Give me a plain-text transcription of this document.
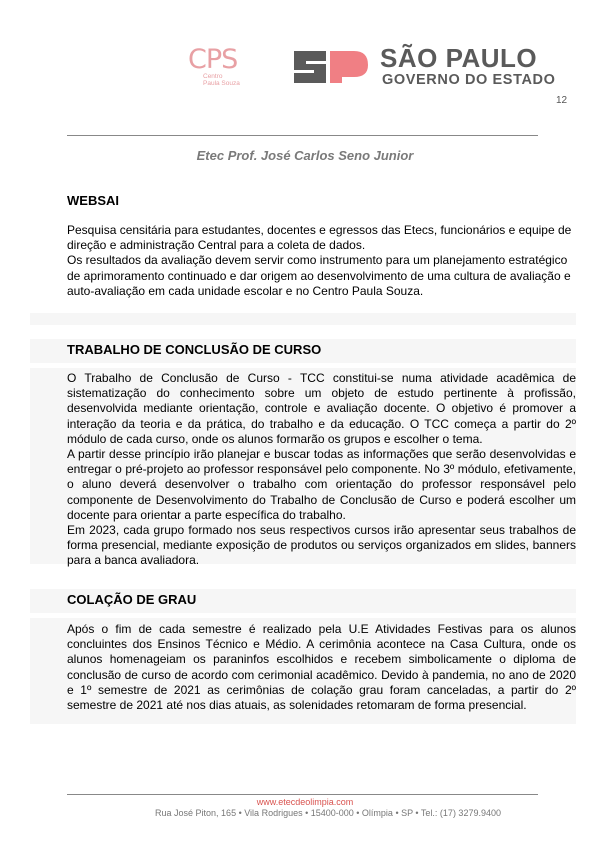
CPS
Centro
Paula Souza
SÃO PAULO
GOVERNO DO ESTADO
12
Etec Prof. José Carlos Seno Junior
WEBSAI

Pesquisa censitária para estudantes, docentes e egressos das Etecs, funcionários e equipe de direção e administração Central para a coleta de dados.

Os resultados da avaliação devem servir como instrumento para um planejamento estratégico de aprimoramento continuado e dar origem ao desenvolvimento de uma cultura de avaliação e auto-avaliação em cada unidade escolar e no Centro Paula Souza.

TRABALHO DE CONCLUSÃO DE CURSO

O Trabalho de Conclusão de Curso - TCC constitui-se numa atividade acadêmica de sistematização do conhecimento sobre um objeto de estudo pertinente à profissão, desenvolvida mediante orientação, controle e avaliação docente. O objetivo é promover a interação da teoria e da prática, do trabalho e da educação. O TCC começa a partir do 2º módulo de cada curso, onde os alunos formarão os grupos e escolher o tema.

A partir desse princípio irão planejar e buscar todas as informações que serão desenvolvidas e entregar o pré-projeto ao professor responsável pelo componente. No 3º módulo, efetivamente, o aluno deverá desenvolver o trabalho com orientação do professor responsável pelo componente de Desenvolvimento do Trabalho de Conclusão de Curso e poderá escolher um docente para orientar a parte específica do trabalho.

Em 2023, cada grupo formado nos seus respectivos cursos irão apresentar seus trabalhos de forma presencial, mediante exposição de produtos ou serviços organizados em slides, banners para a banca avaliadora.

COLAÇÃO DE GRAU

Após o fim de cada semestre é realizado pela U.E Atividades Festivas para os alunos concluintes dos Ensinos Técnico e Médio. A cerimônia acontece na Casa Cultura, onde os alunos homenageiam os paraninfos escolhidos e recebem simbolicamente o diploma de conclusão de curso de acordo com cerimonial acadêmico. Devido à pandemia, no ano de 2020 e 1º semestre de 2021 as cerimônias de colação grau foram canceladas, a partir do 2º semestre de 2021 até nos dias atuais, as solenidades retomaram de forma presencial.

www.etecdeolimpia.com
Rua José Piton, 165 • Vila Rodrigues • 15400-000 • Olímpia • SP • Tel.: (17) 3279.9400
